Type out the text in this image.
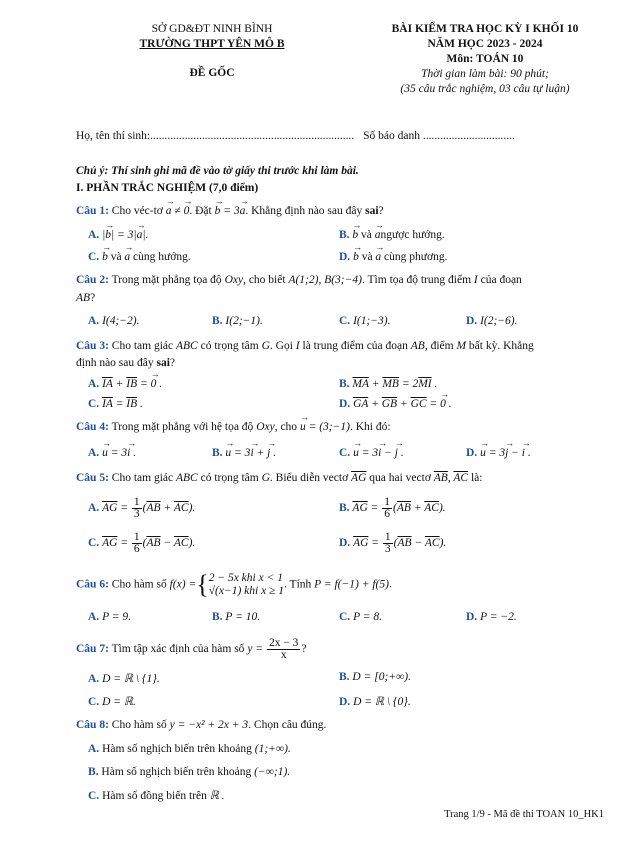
SỞ GD&ĐT NINH BÌNH
TRƯỜNG THPT YÊN MÔ B
ĐỀ GỐC
BÀI KIỂM TRA HỌC KỲ I KHỐI 10
NĂM HỌC 2023 - 2024
Môn: TOÁN 10
Thời gian làm bài: 90 phút;
(35 câu trắc nghiệm, 03 câu tự luận)
Họ, tên thí sinh:....................................................................... Số báo danh ................................
Chú ý: Thí sinh ghi mã đề vào tờ giấy thi trước khi làm bài.
I. PHẦN TRẮC NGHIỆM (7,0 điểm)
Câu 1: Cho véc-tơ → a ≠ → 0. Đặt → b = 3→ a. Khẳng định nào sau đây sai?
A. |→ b| = 3|→ a|.	B. → b và → angược hướng.
C. → b và → a cùng hướng.	D. → b và → a cùng phương.
Câu 2: Trong mặt phẳng tọa độ Oxy, cho biết A(1;2), B(3;−4). Tìm tọa độ trung điểm I của đoạn
AB?
A. I(4;−2).	B. I(2;−1).	C. I(1;−3).	D. I(2;−6).
Câu 3: Cho tam giác ABC có trọng tâm G. Gọi I là trung điểm của đoạn AB, điểm M bất kỳ. Khẳng
định nào sau đây sai?
A. $\overline{IA} + \overline{IB}$ = → 0 .	B. $\overline{MA} + \overline{MB} = 2\overline{MI}$ .
C. $\overline{IA} = \overline{IB}$ .	D. $\overline{GA} + \overline{GB} + \overline{GC}$ = → 0 .
Câu 4: Trong mặt phẳng với hệ tọa độ Oxy, cho → u = (3;−1). Khi đó:
A. → u = 3→ i .	B. → u = 3→ i + → j .	C. → u = 3→ i − → j .	D. → u = 3→ j − → i .
Câu 5: Cho tam giác ABC có trọng tâm G. Biểu diễn vectơ $\overline{AG}$ qua hai vectơ $\overline{AB}$, $\overline{AC}$ là:
A. $\overline{AG} = \frac{1}{3} (\overline{AB} + \overline{AC})$.	B. $\overline{AG} = \frac{1}{6} (\overline{AB} + \overline{AC})$.
C. $\overline{AG} = \frac{1}{6} (\overline{AB} - \overline{AC})$.	D. $\overline{AG} = \frac{1}{3} (\overline{AB} - \overline{AC})$.
Câu 6: Cho hàm số f(x) ={ 2 − 5x khi x < 1
√(x−1) khi x ≥ 1
. Tính P = f(−1) + f(5).
A. P = 9.	B. P = 10.	C. P = 8.	D. P = −2.
Câu 7: Tìm tập xác định của hàm số $y = \frac{2x - 3}{x}$ ?
A. D = ℝ \ {1}.	B. D = [0;+∞).
C. D = ℝ.	D. D = ℝ \ {0}.
Câu 8: Cho hàm số y = −x² + 2x + 3. Chọn câu đúng.
A. Hàm số nghịch biến trên khoảng (1;+∞).
B. Hàm số nghịch biến trên khoảng (−∞;1).
C. Hàm số đồng biến trên ℝ .
Trang 1/9 - Mã đề thi TOAN 10_HK1
